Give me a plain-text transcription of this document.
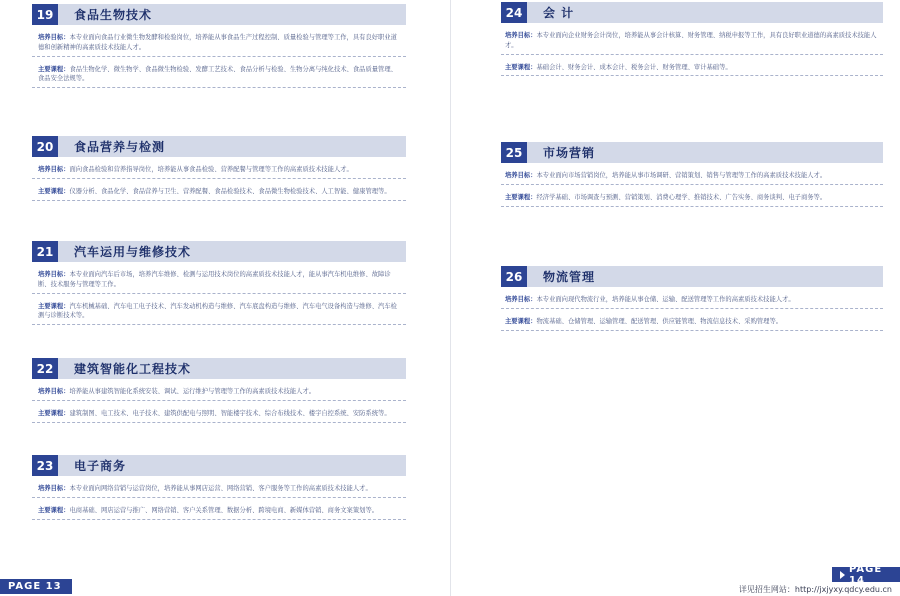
19	食品生物技术
培养目标：本专业面向食品行业微生物发酵和检验岗位，培养能从事食品生产过程控制、质量检验与管理等工作，具有良好职业道德和创新精神的高素质技术技能人才。
主要课程：食品生物化学、微生物学、食品微生物检验、发酵工艺技术、食品分析与检验、生物分离与纯化技术、食品质量管理、食品安全法规等。
20	食品营养与检测
培养目标：面向食品检验和营养指导岗位，培养能从事食品检验、营养配餐与管理等工作的高素质技术技能人才。
主要课程：仪器分析、食品化学、食品营养与卫生、营养配餐、食品检验技术、食品微生物检验技术、人工智能、健康管理等。
21	汽车运用与维修技术
培养目标：本专业面向汽车后市场，培养汽车维修、检测与运用技术岗位的高素质技术技能人才，能从事汽车机电维修、故障诊断、技术服务与管理等工作。
主要课程：汽车机械基础、汽车电工电子技术、汽车发动机构造与维修、汽车底盘构造与维修、汽车电气设备构造与维修、汽车检测与诊断技术等。
22	建筑智能化工程技术
培养目标：培养能从事建筑智能化系统安装、调试、运行维护与管理等工作的高素质技术技能人才。
主要课程：建筑制图、电工技术、电子技术、建筑供配电与照明、智能楼宇技术、综合布线技术、楼宇自控系统、安防系统等。
23	电子商务
培养目标：本专业面向网络营销与运营岗位，培养能从事网店运营、网络营销、客户服务等工作的高素质技术技能人才。
主要课程：电商基础、网店运营与推广、网络营销、客户关系管理、数据分析、跨境电商、新媒体营销、商务文案策划等。
24	会 计
培养目标：本专业面向企业财务会计岗位，培养能从事会计核算、财务管理、纳税申报等工作，具有良好职业道德的高素质技术技能人才。
主要课程：基础会计、财务会计、成本会计、税务会计、财务管理、审计基础等。
25	市场营销
培养目标：本专业面向市场营销岗位，培养能从事市场调研、营销策划、销售与管理等工作的高素质技术技能人才。
主要课程：经济学基础、市场调查与预测、营销策划、消费心理学、推销技术、广告实务、商务谈判、电子商务等。
26	物流管理
培养目标：本专业面向现代物流行业，培养能从事仓储、运输、配送管理等工作的高素质技术技能人才。
主要课程：物流基础、仓储管理、运输管理、配送管理、供应链管理、物流信息技术、采购管理等。
PAGE 13
PAGE 14
详见招生网站：http://jxjyxy.qdcy.edu.cn
